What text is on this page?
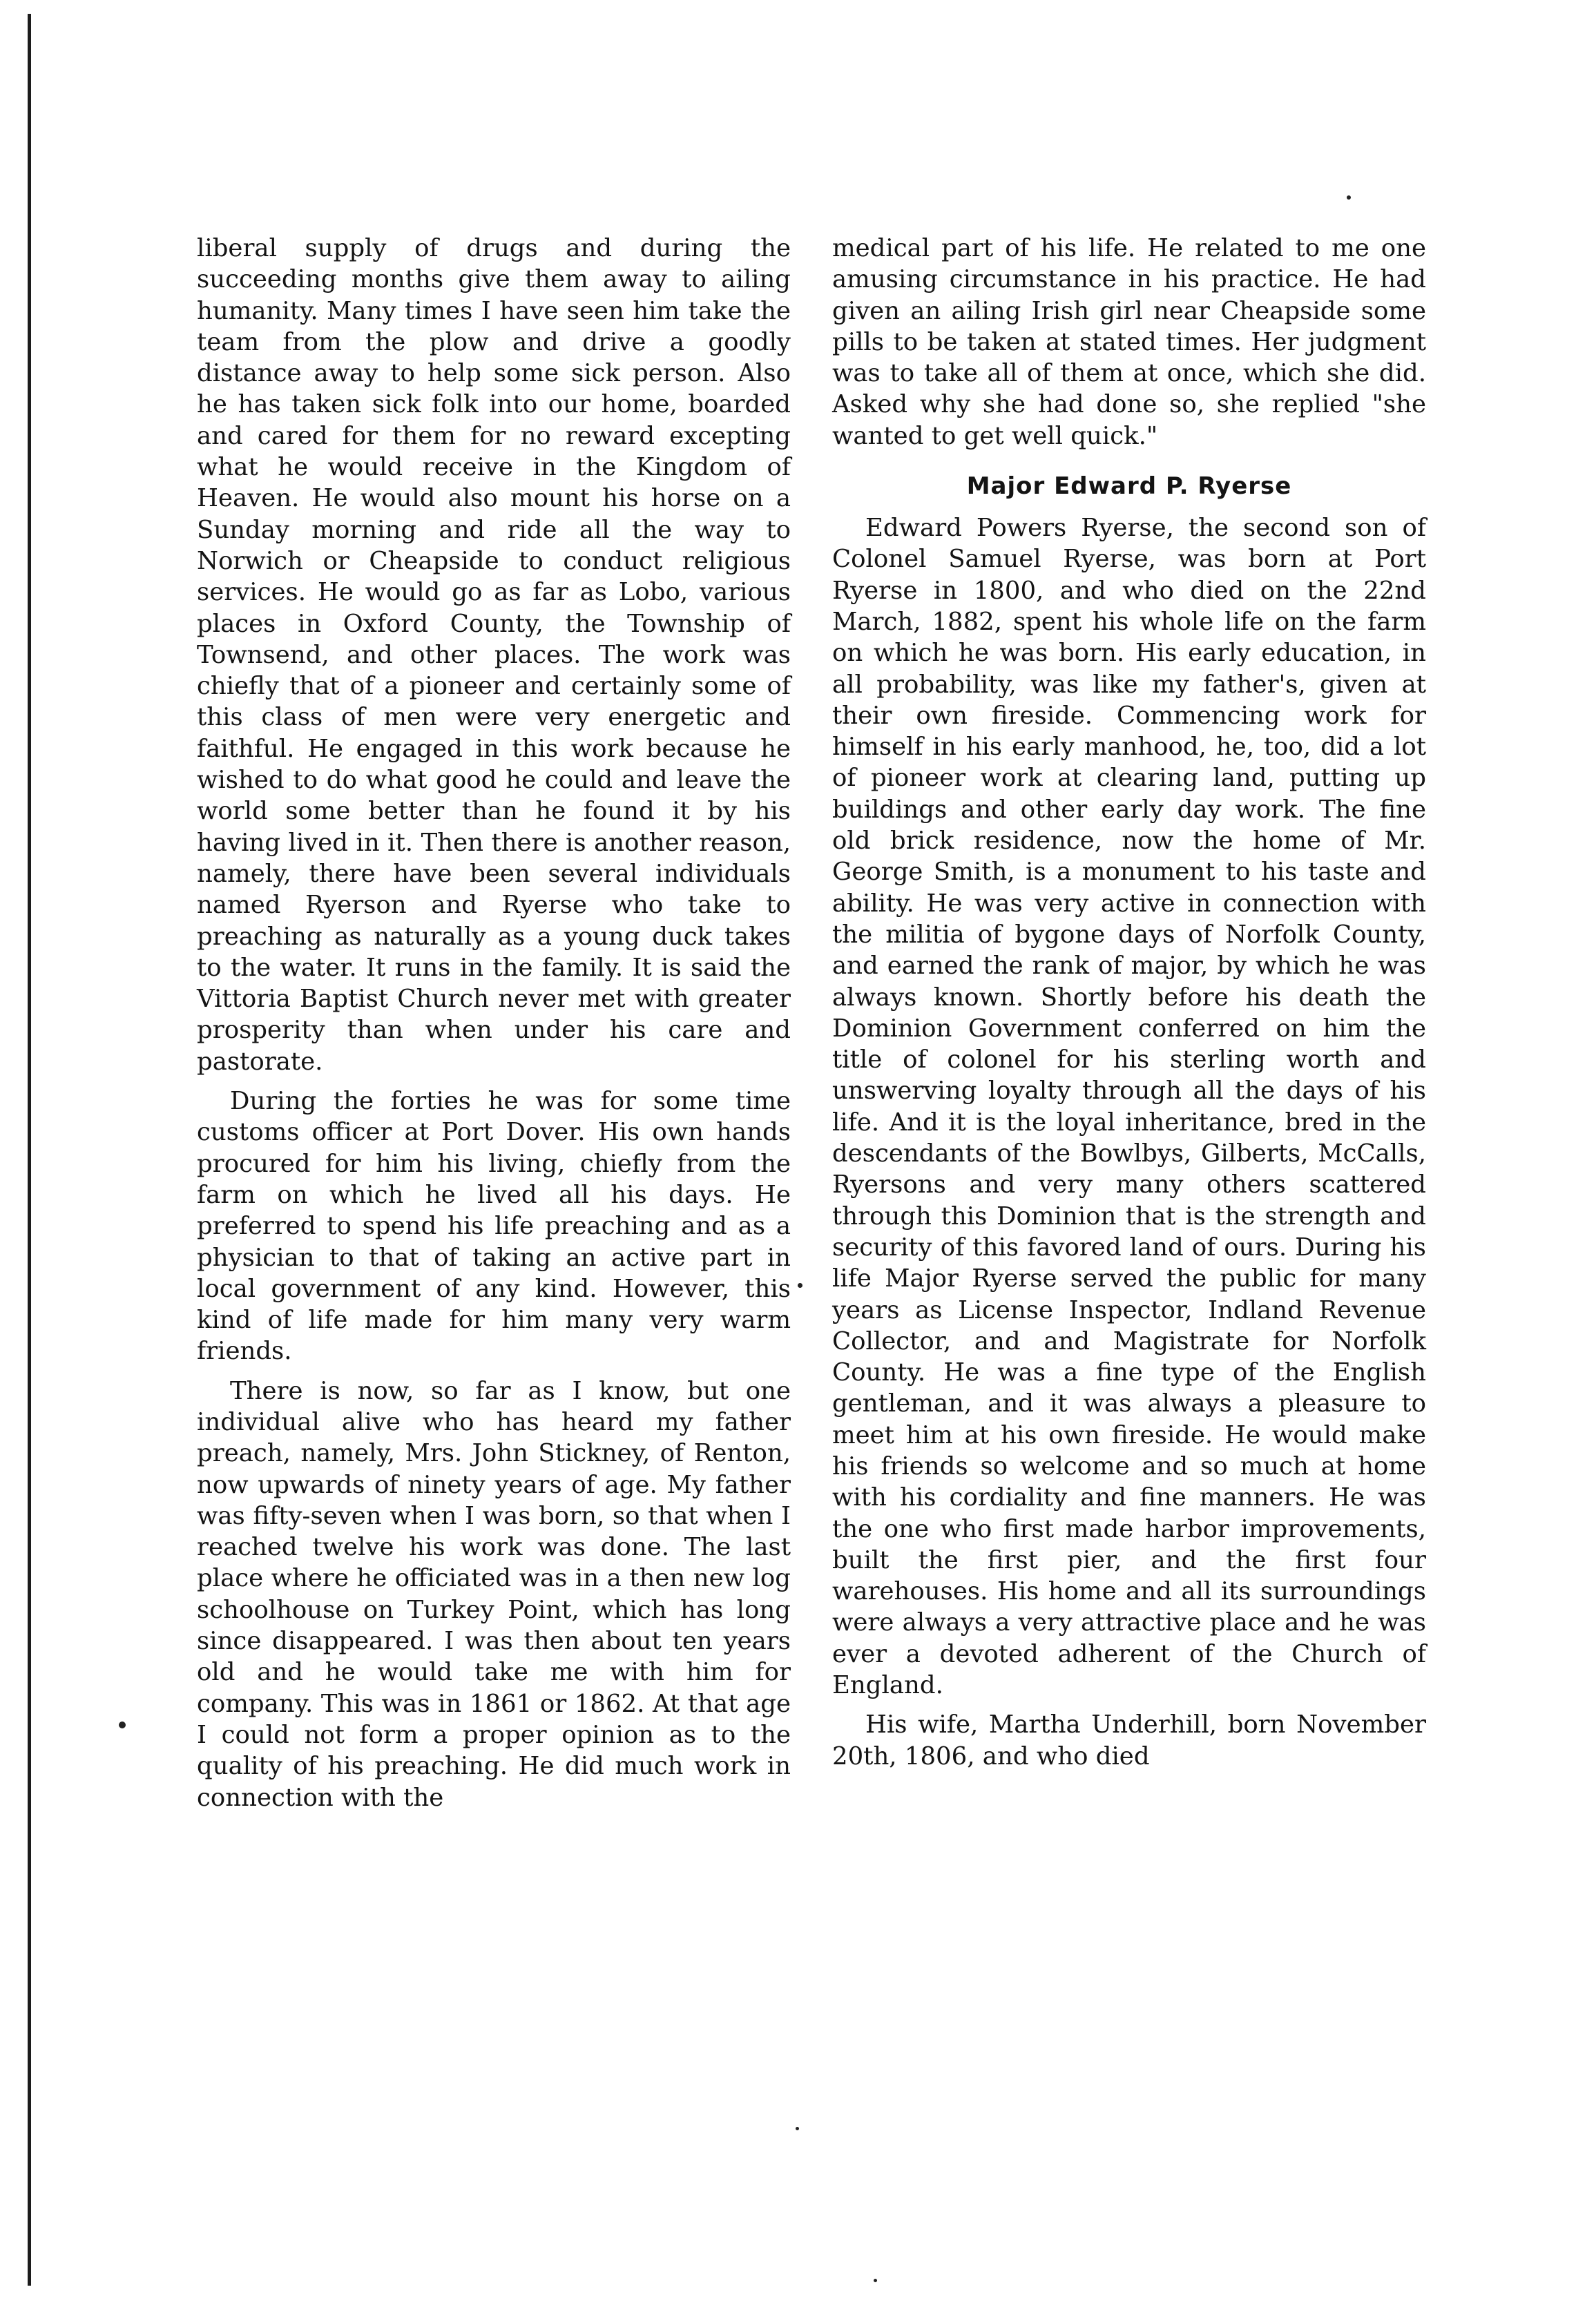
liberal supply of drugs and during the succeeding months give them away to ailing humanity. Many times I have seen him take the team from the plow and drive a goodly distance away to help some sick person. Also he has taken sick folk into our home, boarded and cared for them for no reward excepting what he would receive in the Kingdom of Heaven. He would also mount his horse on a Sunday morning and ride all the way to Norwich or Cheapside to conduct religious services. He would go as far as Lobo, various places in Oxford County, the Township of Townsend, and other places. The work was chiefly that of a pioneer and certainly some of this class of men were very energetic and faithful. He engaged in this work because he wished to do what good he could and leave the world some better than he found it by his having lived in it. Then there is another reason, namely, there have been several individuals named Ryerson and Ryerse who take to preaching as naturally as a young duck takes to the water. It runs in the family. It is said the Vittoria Baptist Church never met with greater prosperity than when under his care and pastorate.

During the forties he was for some time customs officer at Port Dover. His own hands procured for him his living, chiefly from the farm on which he lived all his days. He preferred to spend his life preaching and as a physician to that of taking an active part in local government of any kind. However, this kind of life made for him many very warm friends.

There is now, so far as I know, but one individual alive who has heard my father preach, namely, Mrs. John Stickney, of Renton, now upwards of ninety years of age. My father was fifty-seven when I was born, so that when I reached twelve his work was done. The last place where he officiated was in a then new log schoolhouse on Turkey Point, which has long since disappeared. I was then about ten years old and he would take me with him for company. This was in 1861 or 1862. At that age I could not form a proper opinion as to the quality of his preaching. He did much work in connection with the

medical part of his life. He related to me one amusing circumstance in his practice. He had given an ailing Irish girl near Cheapside some pills to be taken at stated times. Her judgment was to take all of them at once, which she did. Asked why she had done so, she replied "she wanted to get well quick."

Major Edward P. Ryerse

Edward Powers Ryerse, the second son of Colonel Samuel Ryerse, was born at Port Ryerse in 1800, and who died on the 22nd March, 1882, spent his whole life on the farm on which he was born. His early education, in all probability, was like my father's, given at their own fireside. Commencing work for himself in his early manhood, he, too, did a lot of pioneer work at clearing land, putting up buildings and other early day work. The fine old brick residence, now the home of Mr. George Smith, is a monument to his taste and ability. He was very active in connection with the militia of bygone days of Norfolk County, and earned the rank of major, by which he was always known. Shortly before his death the Dominion Government conferred on him the title of colonel for his sterling worth and unswerving loyalty through all the days of his life. And it is the loyal inheritance, bred in the descendants of the Bowlbys, Gilberts, McCalls, Ryersons and very many others scattered through this Dominion that is the strength and security of this favored land of ours. During his life Major Ryerse served the public for many years as License Inspector, Indland Revenue Collector, and and Magistrate for Norfolk County. He was a fine type of the English gentleman, and it was always a pleasure to meet him at his own fireside. He would make his friends so welcome and so much at home with his cordiality and fine manners. He was the one who first made harbor improvements, built the first pier, and the first four warehouses. His home and all its surroundings were always a very attractive place and he was ever a devoted adherent of the Church of England.

His wife, Martha Underhill, born November 20th, 1806, and who died
